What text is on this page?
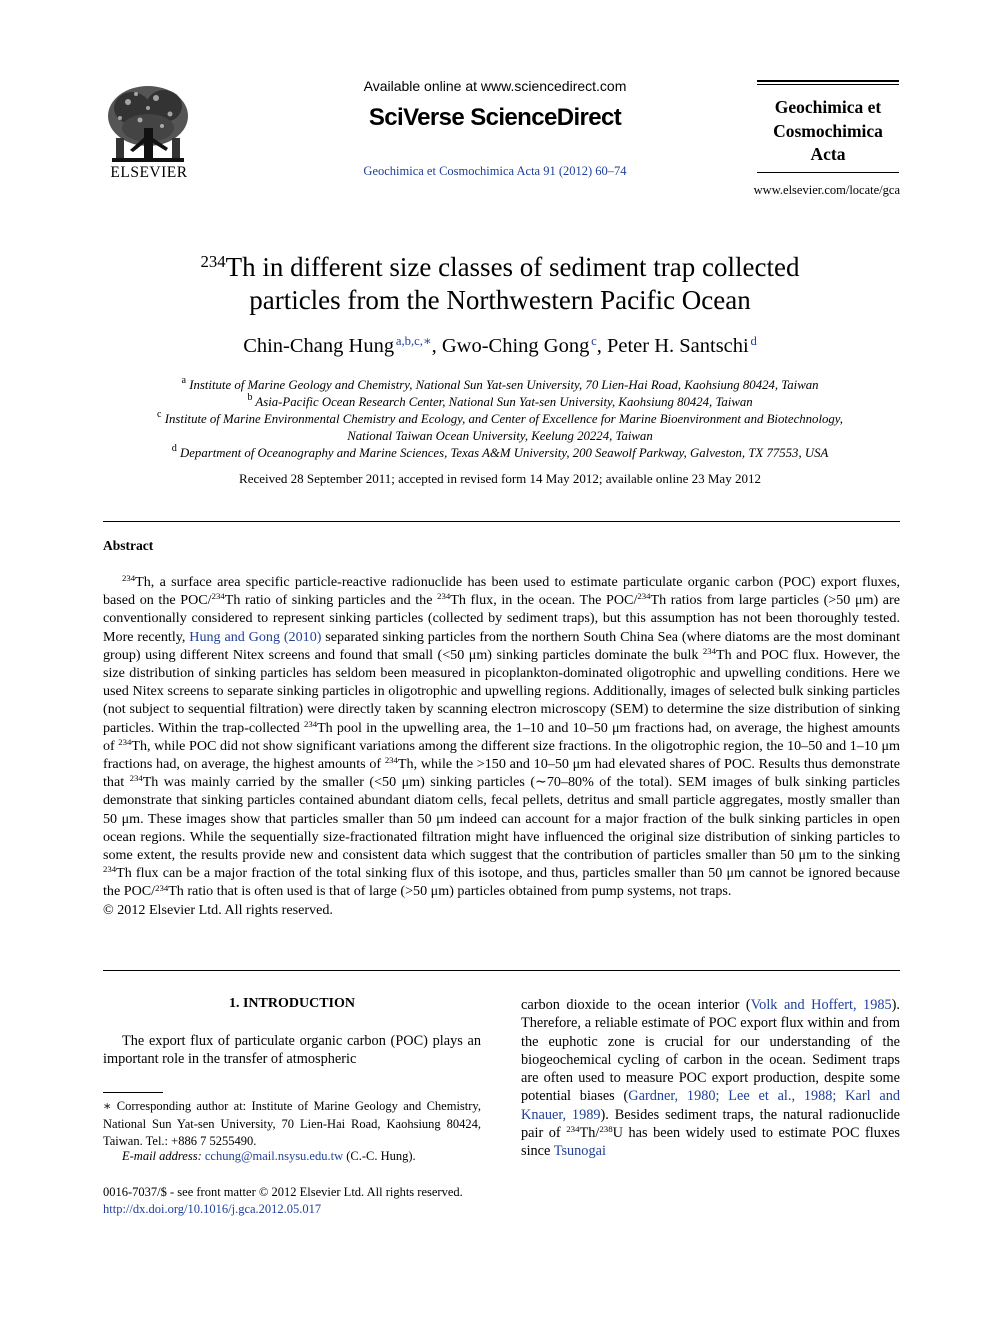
ELSEVIER
Available online at www.sciencedirect.com
SciVerse ScienceDirect
Geochimica et Cosmochimica Acta 91 (2012) 60–74
Geochimica et
Cosmochimica
Acta
www.elsevier.com/locate/gca
$^{234}$Th in different size classes of sediment trap collected
particles from the Northwestern Pacific Ocean
Chin-Chang Hung  $^{a,b,c,∗}$, Gwo-Ching Gong  $^c$, Peter H. Santschi  $^d$
$^a$ Institute of Marine Geology and Chemistry, National Sun Yat-sen University, 70 Lien-Hai Road, Kaohsiung 80424, Taiwan
$^b$ Asia-Pacific Ocean Research Center, National Sun Yat-sen University, Kaohsiung 80424, Taiwan
$^c$ Institute of Marine Environmental Chemistry and Ecology, and Center of Excellence for Marine Bioenvironment and Biotechnology,
National Taiwan Ocean University, Keelung 20224, Taiwan
$^d$ Department of Oceanography and Marine Sciences, Texas A&M University, 200 Seawolf Parkway, Galveston, TX 77553, USA
Received 28 September 2011; accepted in revised form 14 May 2012; available online 23 May 2012
Abstract
$^{234}$Th, a surface area specific particle-reactive radionuclide has been used to estimate particulate organic carbon (POC) export fluxes, based on the POC/$^{234}$Th ratio of sinking particles and the $^{234}$Th flux, in the ocean. The POC/$^{234}$Th ratios from large particles (>50 μm) are conventionally considered to represent sinking particles (collected by sediment traps), but this assumption has not been thoroughly tested. More recently, Hung and Gong (2010) separated sinking particles from the northern South China Sea (where diatoms are the most dominant group) using different Nitex screens and found that small (<50 μm) sinking particles dominate the bulk $^{234}$Th and POC flux. However, the size distribution of sinking particles has seldom been measured in picoplankton-dominated oligotrophic and upwelling conditions. Here we used Nitex screens to separate sinking particles in oligotrophic and upwelling regions. Additionally, images of selected bulk sinking particles (not subject to sequential filtration) were directly taken by scanning electron microscopy (SEM) to determine the size distribution of sinking particles. Within the trap-collected $^{234}$Th pool in the upwelling area, the 1–10 and 10–50 μm fractions had, on average, the highest amounts of $^{234}$Th, while POC did not show significant variations among the different size fractions. In the oligotrophic region, the 10–50 and 1–10 μm fractions had, on average, the highest amounts of $^{234}$Th, while the >150 and 10–50 μm had elevated shares of POC. Results thus demonstrate that $^{234}$Th was mainly carried by the smaller (<50 μm) sinking particles (∼70–80% of the total). SEM images of bulk sinking particles demonstrate that sinking particles contained abundant diatom cells, fecal pellets, detritus and small particle aggregates, mostly smaller than 50 μm. These images show that particles smaller than 50 μm indeed can account for a major fraction of the bulk sinking particles in open ocean regions. While the sequentially size-fractionated filtration might have influenced the original size distribution of sinking particles to some extent, the results provide new and consistent data which suggest that the contribution of particles smaller than 50 μm to the sinking $^{234}$Th flux can be a major fraction of the total sinking flux of this isotope, and thus, particles smaller than 50 μm cannot be ignored because the POC/$^{234}$Th ratio that is often used is that of large (>50 μm) particles obtained from pump systems, not traps.
© 2012 Elsevier Ltd. All rights reserved.
1. INTRODUCTION
The export flux of particulate organic carbon (POC) plays an important role in the transfer of atmospheric
∗ Corresponding author at: Institute of Marine Geology and Chemistry, National Sun Yat-sen University, 70 Lien-Hai Road, Kaohsiung 80424, Taiwan. Tel.: +886 7 5255490.
E-mail address: cchung@mail.nsysu.edu.tw (C.-C. Hung).
0016-7037/$ - see front matter © 2012 Elsevier Ltd. All rights reserved.
http://dx.doi.org/10.1016/j.gca.2012.05.017
carbon dioxide to the ocean interior (Volk and Hoffert, 1985). Therefore, a reliable estimate of POC export flux within and from the euphotic zone is crucial for our understanding of the biogeochemical cycling of carbon in the ocean. Sediment traps are often used to measure POC export production, despite some potential biases (Gardner, 1980; Lee et al., 1988; Karl and Knauer, 1989). Besides sediment traps, the natural radionuclide pair of $^{234}$Th/$^{238}$U has been widely used to estimate POC fluxes since Tsunogai
